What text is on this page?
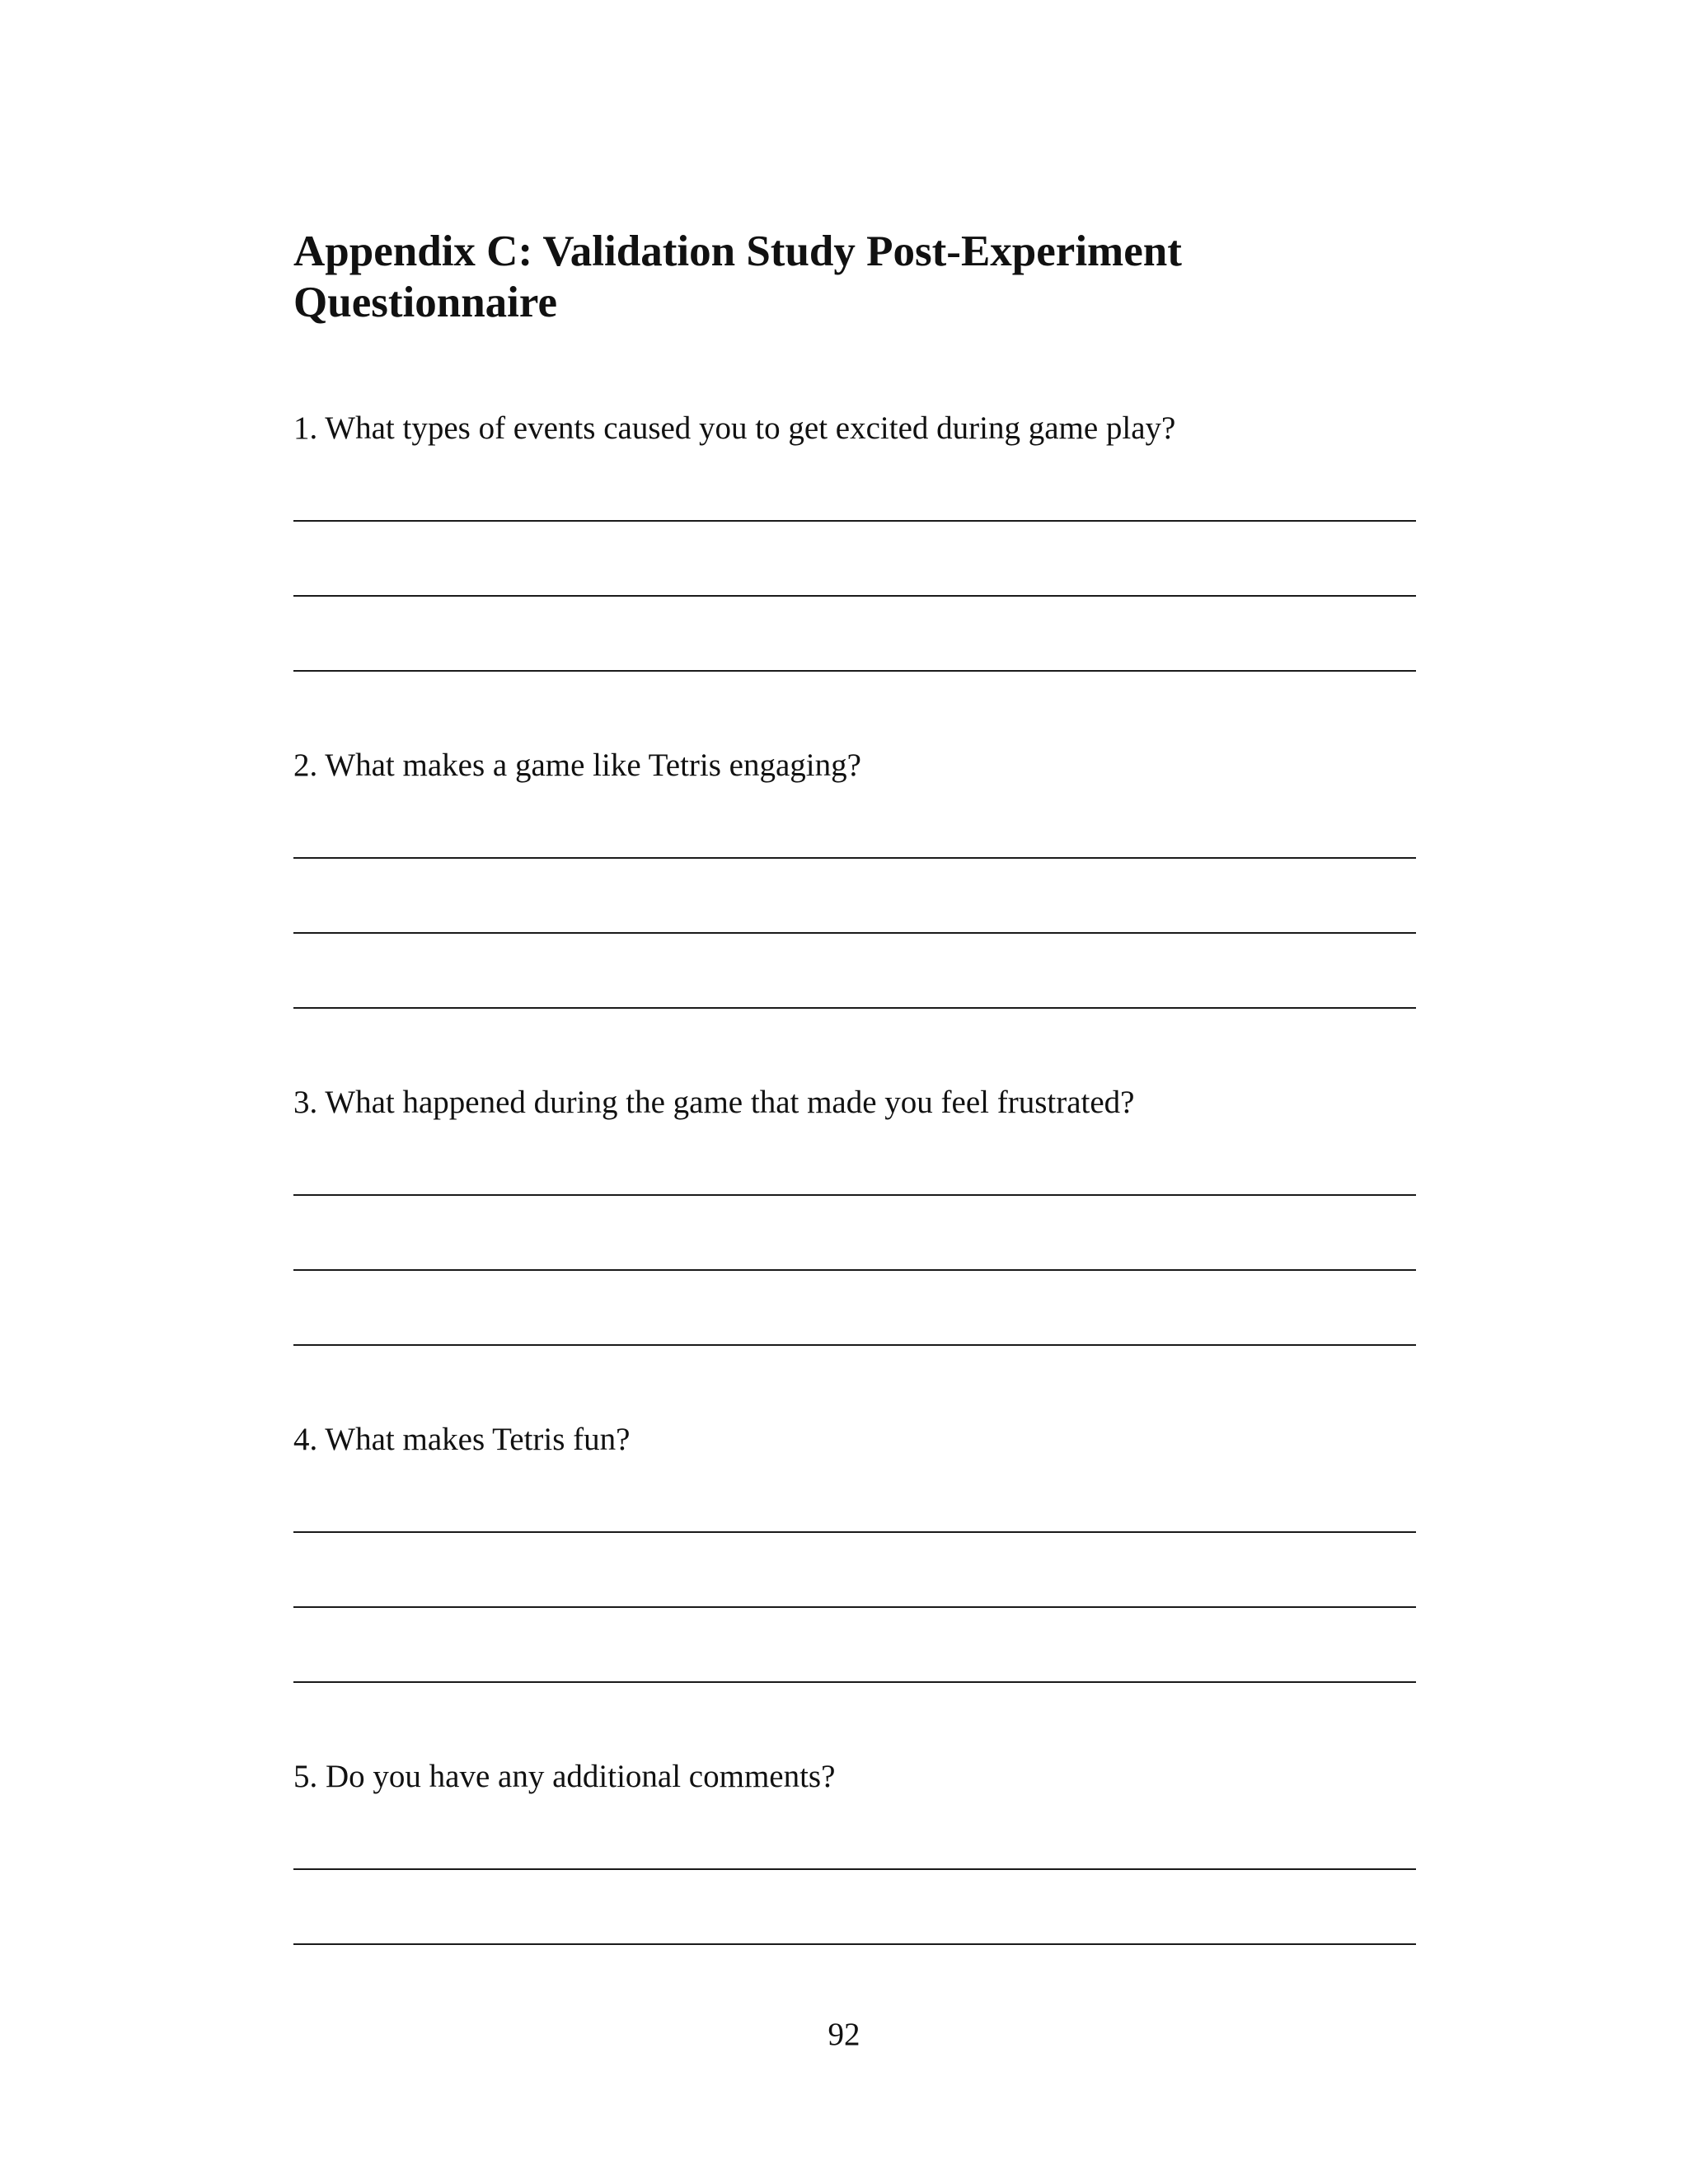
Appendix C: Validation Study Post-Experiment
Questionnaire

1. What types of events caused you to get excited during game play?

2. What makes a game like Tetris engaging?

3. What happened during the game that made you feel frustrated?

4. What makes Tetris fun?

5. Do you have any additional comments?

92
